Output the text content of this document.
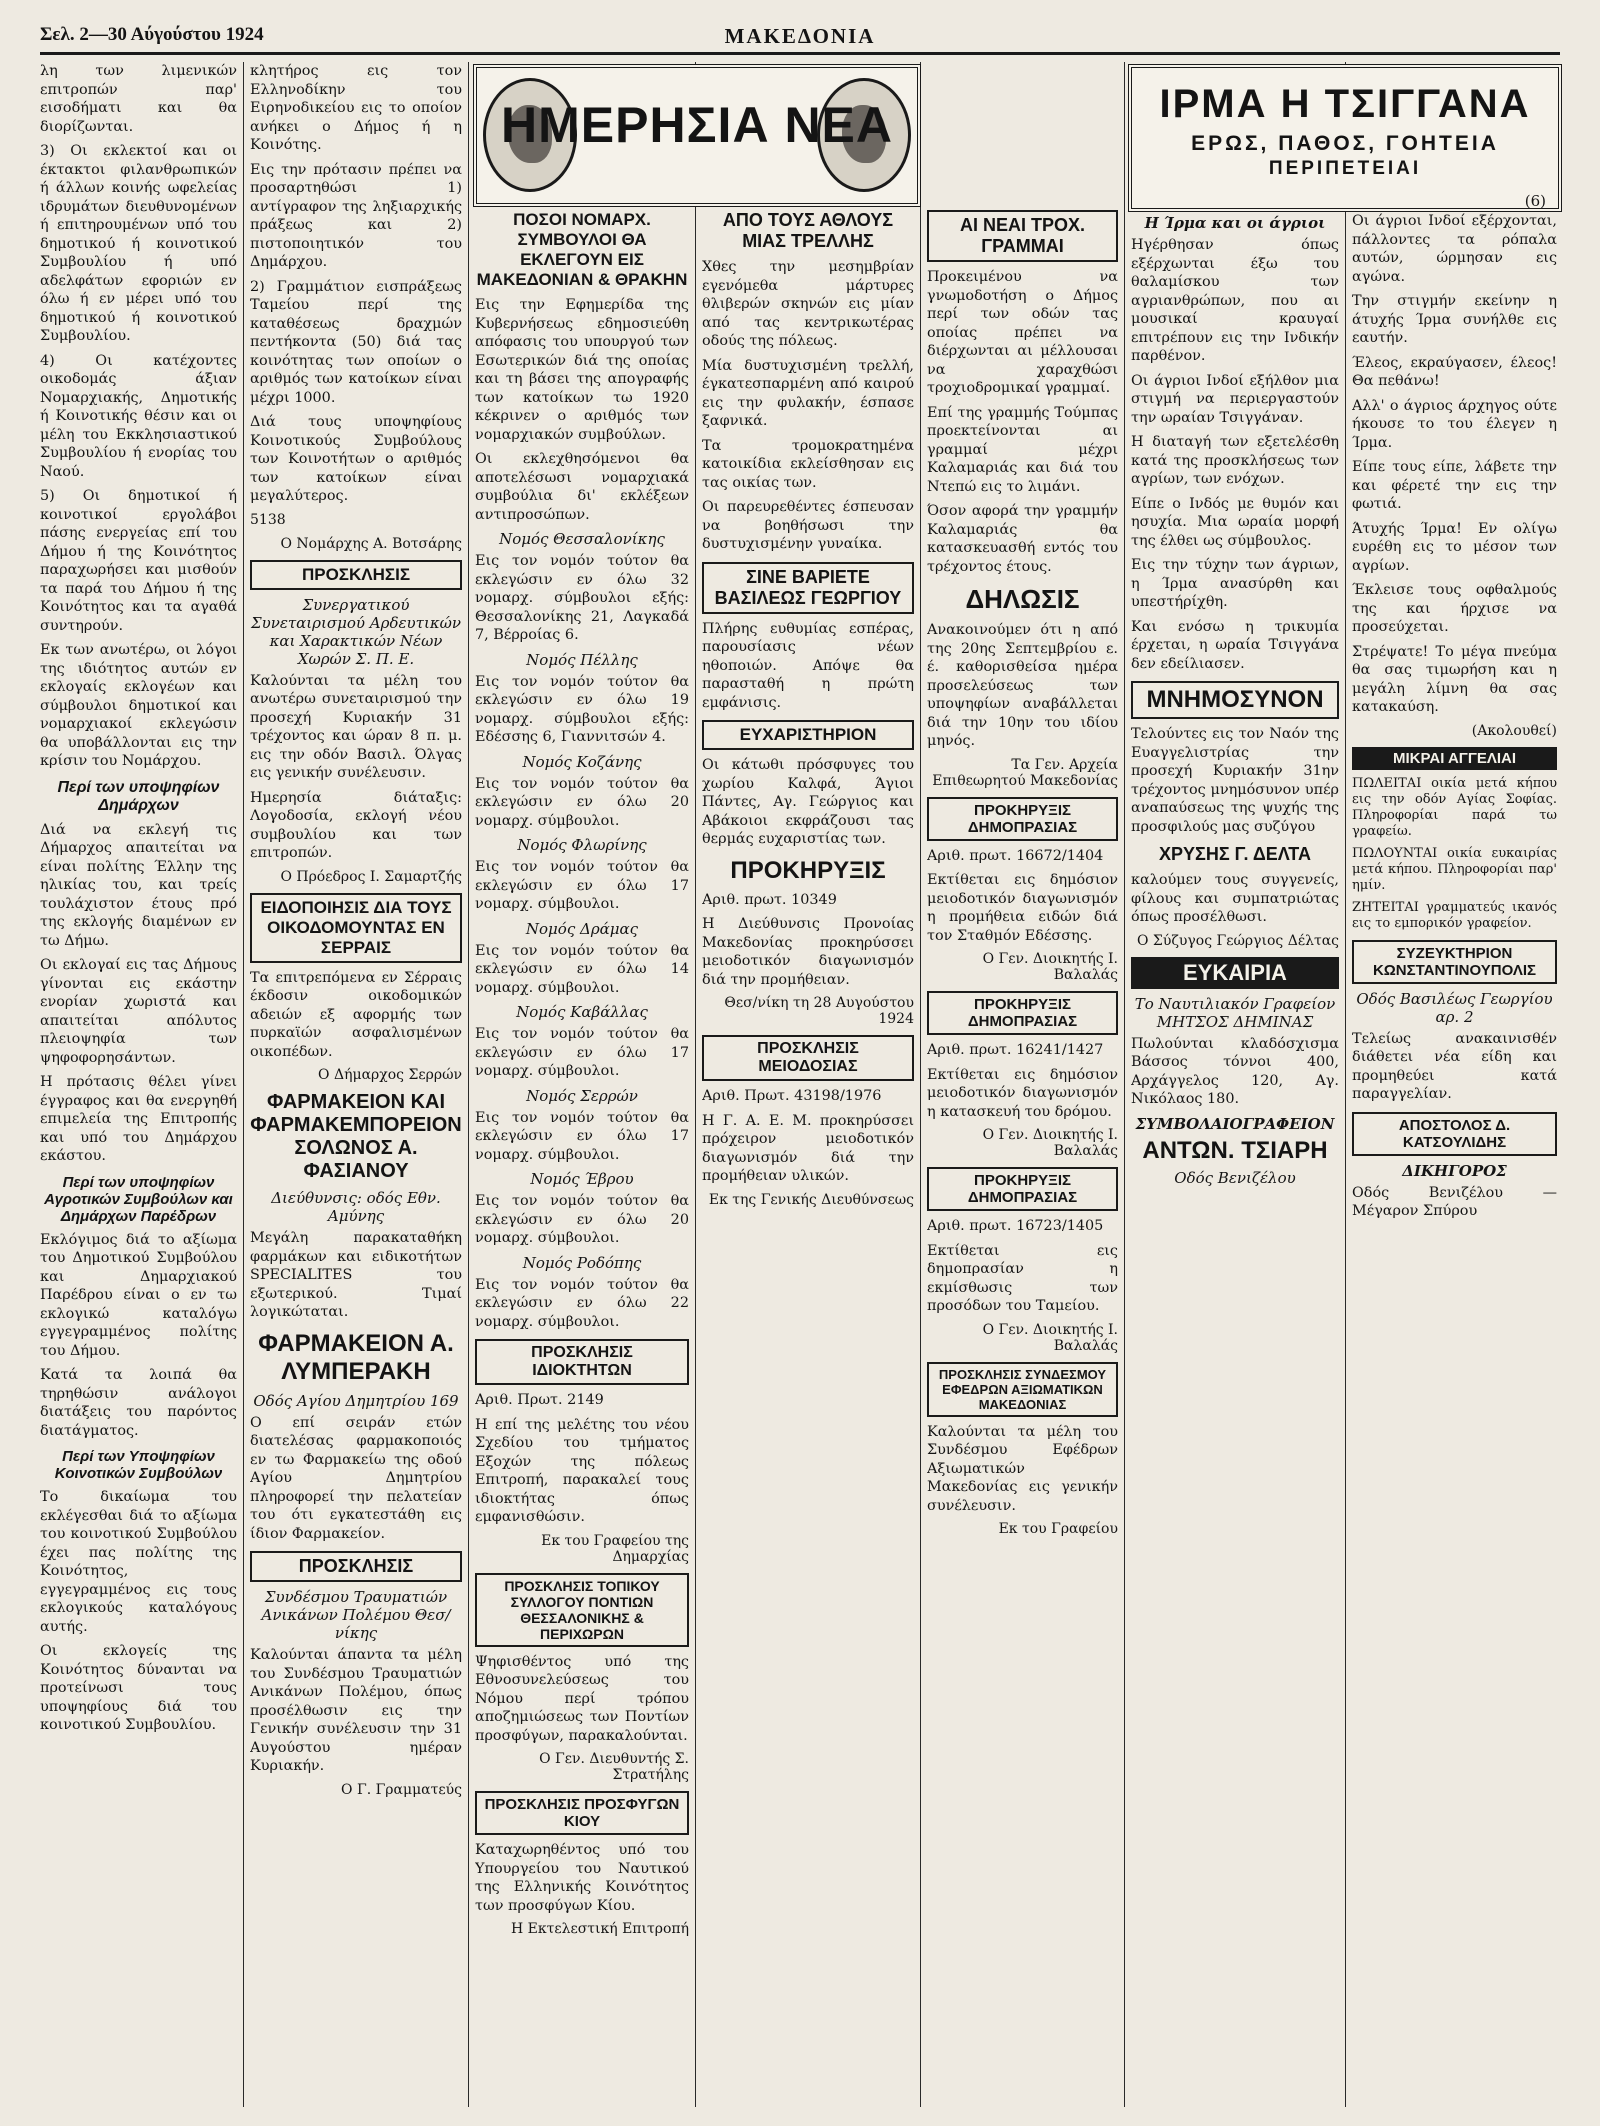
Σελ. 2—30 Αύγούστου 1924	ΜΑΚΕΔΟΝΙΑ

λη των λιμενικών επιτροπών παρ' εισοδήματι και θα διορίζωνται.

3) Οι εκλεκτοί και οι έκτακτοι φιλανθρωπικών ή άλλων κοινής ωφελείας ιδρυμάτων διευθυνομένων ή επιτηρουμένων υπό του δημοτικού ή κοινοτικού Συμβουλίου ή υπό αδελφάτων εφοριών εν όλω ή εν μέρει υπό του δημοτικού ή κοινοτικού Συμβουλίου.

4) Οι κατέχοντες οικοδομάς άξιαν Νομαρχιακής, Δημοτικής ή Κοινοτικής θέσιν και οι μέλη του Εκκλησιαστικού Συμβουλίου ή ενορίας του Ναού.

5) Οι δημοτικοί ή κοινοτικοί εργολάβοι πάσης ενεργείας επί του Δήμου ή της Κοινότητος παραχωρήσει και μισθούν τα παρά του Δήμου ή της Κοινότητος και τα αγαθά συντηρούν.

Εκ των ανωτέρω, οι λόγοι της ιδιότητος αυτών εν εκλογαίς εκλογέων και σύμβουλοι δημοτικοί και νομαρχιακοί εκλεγώσιν θα υποβάλλονται εις την κρίσιν του Νομάρχου.

Περί των υποψηφίων Δημάρχων

Διά να εκλεγή τις Δήμαρχος απαιτείται να είναι πολίτης Έλλην της ηλικίας του, και τρείς τουλάχιστον έτους πρό της εκλογής διαμένων εν τω Δήμω.

Οι εκλογαί εις τας Δήμους γίνονται εις εκάστην ενορίαν χωριστά και απαιτείται απόλυτος πλειοψηφία των ψηφοφορησάντων.

Η πρότασις θέλει γίνει έγγραφος και θα ενεργηθή επιμελεία της Επιτροπής και υπό του Δημάρχου εκάστου.

Περί των υποψηφίων Αγροτικών Συμβούλων και Δημάρχων Παρέδρων

Εκλόγιμος διά το αξίωμα του Δημοτικού Συμβούλου και Δημαρχιακού Παρέδρου είναι ο εν τω εκλογικώ καταλόγω εγγεγραμμένος πολίτης του Δήμου.

Κατά τα λοιπά θα τηρηθώσιν ανάλογοι διατάξεις του παρόντος διατάγματος.

Περί των Υποψηφίων Κοινοτικών Συμβούλων

Το δικαίωμα του εκλέγεσθαι διά το αξίωμα του κοινοτικού Συμβούλου έχει πας πολίτης της Κοινότητος, εγγεγραμμένος εις τους εκλογικούς καταλόγους αυτής.

Οι εκλογείς της Κοινότητος δύνανται να προτείνωσι τους υποψηφίους διά του κοινοτικού Συμβουλίου.

κλητήρος εις τον Ελληνοδίκην του Ειρηνοδικείου εις το οποίον ανήκει ο Δήμος ή η Κοινότης.

Εις την πρότασιν πρέπει να προσαρτηθώσι 1) αντίγραφον της ληξιαρχικής πράξεως και 2) πιστοποιητικόν του Δημάρχου.

2) Γραμμάτιον εισπράξεως Ταμείου περί της καταθέσεως δραχμών πεντήκοντα (50) διά τας κοινότητας των οποίων ο αριθμός των κατοίκων είναι μέχρι 1000.

Διά τους υποψηφίους Κοινοτικούς Συμβούλους των Κοινοτήτων ο αριθμός των κατοίκων είναι μεγαλύτερος.

5138
Ο Νομάρχης Α. Βοτσάρης
ΠΡΟΣΚΛΗΣΙΣ
Συνεργατικού Συνεταιρισμού Αρδευτικών και Χαρακτικών Νέων Χωρών Σ. Π. Ε.

Καλούνται τα μέλη του ανωτέρω συνεταιρισμού την προσεχή Κυριακήν 31 τρέχοντος και ώραν 8 π. μ. εις την οδόν Βασιλ. Όλγας εις γενικήν συνέλευσιν.

Ημερησία διάταξις: Λογοδοσία, εκλογή νέου συμβουλίου και των επιτροπών.

Ο Πρόεδρος Ι. Σαμαρτζής
ΕΙΔΟΠΟΙΗΣΙΣ ΔΙΑ ΤΟΥΣ ΟΙΚΟΔΟΜΟΥΝΤΑΣ ΕΝ ΣΕΡΡΑΙΣ

Τα επιτρεπόμενα εν Σέρραις έκδοσιν οικοδομικών αδειών εξ αφορμής των πυρκαϊών ασφαλισμένων οικοπέδων.

Ο Δήμαρχος Σερρών
ΦΑΡΜΑΚΕΙΟΝ ΚΑΙ ΦΑΡΜΑΚΕΜΠΟΡΕΙΟΝ ΣΟΛΩΝΟΣ Α. ΦΑΣΙΑΝΟΥ
Διεύθυνσις: οδός Εθν. Αμύνης

Μεγάλη παρακαταθήκη φαρμάκων και ειδικοτήτων SPECIALITES του εξωτερικού. Τιμαί λογικώταται.

ΦΑΡΜΑΚΕΙΟΝ Α. ΛΥΜΠΕΡΑΚΗ
Οδός Αγίου Δημητρίου 169

Ο επί σειράν ετών διατελέσας φαρμακοποιός εν τω Φαρμακείω της οδού Αγίου Δημητρίου πληροφορεί την πελατείαν του ότι εγκατεστάθη εις ίδιον Φαρμακείον.

ΠΡΟΣΚΛΗΣΙΣ
Συνδέσμου Τραυματιών Ανικάνων Πολέμου Θεσ/νίκης

Καλούνται άπαντα τα μέλη του Συνδέσμου Τραυματιών Ανικάνων Πολέμου, όπως προσέλθωσιν εις την Γενικήν συνέλευσιν την 31 Αυγούστου ημέραν Κυριακήν.

Ο Γ. Γραμματεύς
ΗΜΕΡΗΣΙΑ ΝΕΑ
ΠΟΣΟΙ ΝΟΜΑΡΧ. ΣΥΜΒΟΥΛΟΙ ΘΑ ΕΚΛΕΓΟΥΝ ΕΙΣ ΜΑΚΕΔΟΝΙΑΝ & ΘΡΑΚΗΝ

Εις την Εφημερίδα της Κυβερνήσεως εδημοσιεύθη απόφασις του υπουργού των Εσωτερικών διά της οποίας και τη βάσει της απογραφής των κατοίκων τω 1920 κέκρινεν ο αριθμός των νομαρχιακών συμβούλων.

Οι εκλεχθησόμενοι θα αποτελέσωσι νομαρχιακά συμβούλια δι' εκλέξεων αντιπροσώπων.

Νομός Θεσσαλονίκης

Εις τον νομόν τούτον θα εκλεγώσιν εν όλω 32 νομαρχ. σύμβουλοι εξής: Θεσσαλονίκης 21, Λαγκαδά 7, Βέρροίας 6.

Νομός Πέλλης

Εις τον νομόν τούτον θα εκλεγώσιν εν όλω 19 νομαρχ. σύμβουλοι εξής: Εδέσσης 6, Γιαννιτσών 4.

Νομός Κοζάνης

Εις τον νομόν τούτον θα εκλεγώσιν εν όλω 20 νομαρχ. σύμβουλοι.

Νομός Φλωρίνης

Εις τον νομόν τούτον θα εκλεγώσιν εν όλω 17 νομαρχ. σύμβουλοι.

Νομός Δράμας

Εις τον νομόν τούτον θα εκλεγώσιν εν όλω 14 νομαρχ. σύμβουλοι.

Νομός Καβάλλας

Εις τον νομόν τούτον θα εκλεγώσιν εν όλω 17 νομαρχ. σύμβουλοι.

Νομός Σερρών

Εις τον νομόν τούτον θα εκλεγώσιν εν όλω 17 νομαρχ. σύμβουλοι.

Νομός Έβρου

Εις τον νομόν τούτον θα εκλεγώσιν εν όλω 20 νομαρχ. σύμβουλοι.

Νομός Ροδόπης

Εις τον νομόν τούτον θα εκλεγώσιν εν όλω 22 νομαρχ. σύμβουλοι.

ΠΡΟΣΚΛΗΣΙΣ ΙΔΙΟΚΤΗΤΩΝ

Αριθ. Πρωτ. 2149

Η επί της μελέτης του νέου Σχεδίου του τμήματος Εξοχών της πόλεως Επιτροπή, παρακαλεί τους ιδιοκτήτας όπως εμφανισθώσιν.

Εκ του Γραφείου της Δημαρχίας
ΠΡΟΣΚΛΗΣΙΣ ΤΟΠΙΚΟΥ ΣΥΛΛΟΓΟΥ ΠΟΝΤΙΩΝ ΘΕΣΣΑΛΟΝΙΚΗΣ & ΠΕΡΙΧΩΡΩΝ

Ψηφισθέντος υπό της Εθνοσυνελεύσεως του Νόμου περί τρόπου αποζημιώσεως των Ποντίων προσφύγων, παρακαλούνται.

Ο Γεν. Διευθυντής Σ. Στρατήλης
ΠΡΟΣΚΛΗΣΙΣ ΠΡΟΣΦΥΓΩΝ ΚΙΟΥ

Καταχωρηθέντος υπό του Υπουργείου του Ναυτικού της Ελληνικής Κοινότητος των προσφύγων Κίου.

Η Εκτελεστική Επιτροπή
ΑΠΟ ΤΟΥΣ ΑΘΛΟΥΣ ΜΙΑΣ ΤΡΕΛΛΗΣ

Χθες την μεσημβρίαν εγενόμεθα μάρτυρες θλιβερών σκηνών εις μίαν από τας κεντρικωτέρας οδούς της πόλεως.

Μία δυστυχισμένη τρελλή, έγκατεσπαρμένη από καιρού εις την φυλακήν, έσπασε ξαφνικά.

Τα τρομοκρατημένα κατοικίδια εκλείσθησαν εις τας οικίας των.

Οι παρευρεθέντες έσπευσαν να βοηθήσωσι την δυστυχισμένην γυναίκα.

ΣΙΝΕ ΒΑΡΙΕΤΕ ΒΑΣΙΛΕΩΣ ΓΕΩΡΓΙΟΥ

Πλήρης ευθυμίας εσπέρας, παρουσίασις νέων ηθοποιών. Απόψε θα παρασταθή η πρώτη εμφάνισις.

ΕΥΧΑΡΙΣΤΗΡΙΟΝ

Οι κάτωθι πρόσφυγες του χωρίου Καλφά, Άγιοι Πάντες, Αγ. Γεώργιος και Αβάκοιοι εκφράζουσι τας θερμάς ευχαριστίας των.

ΠΡΟΚΗΡΥΞΙΣ

Αριθ. πρωτ. 10349

Η Διεύθυνσις Προνοίας Μακεδονίας προκηρύσσει μειοδοτικόν διαγωνισμόν διά την προμήθειαν.

Θεσ/νίκη τη 28 Αυγούστου 1924
ΠΡΟΣΚΛΗΣΙΣ ΜΕΙΟΔΟΣΙΑΣ

Αριθ. Πρωτ. 43198/1976

Η Γ. Α. Ε. Μ. προκηρύσσει πρόχειρον μειοδοτικόν διαγωνισμόν διά την προμήθειαν υλικών.

Εκ της Γενικής Διευθύνσεως
ΑΙ ΝΕΑΙ ΤΡΟΧ. ΓΡΑΜΜΑΙ

Προκειμένου να γνωμοδοτήση ο Δήμος περί των οδών τας οποίας πρέπει να διέρχωνται αι μέλλουσαι να χαραχθώσι τροχιοδρομικαί γραμμαί.

Επί της γραμμής Τούμπας προεκτείνονται αι γραμμαί μέχρι Καλαμαριάς και διά του Ντεπώ εις το λιμάνι.

Όσον αφορά την γραμμήν Καλαμαριάς θα κατασκευασθή εντός του τρέχοντος έτους.

ΔΗΛΩΣΙΣ

Ανακοινούμεν ότι η από της 20ης Σεπτεμβρίου ε. έ. καθορισθείσα ημέρα προσελεύσεως των υποψηφίων αναβάλλεται διά την 10ην του ιδίου μηνός.

Τα Γεν. Αρχεία Επιθεωρητού Μακεδονίας
ΠΡΟΚΗΡΥΞΙΣ ΔΗΜΟΠΡΑΣΙΑΣ

Αριθ. πρωτ. 16672/1404

Εκτίθεται εις δημόσιον μειοδοτικόν διαγωνισμόν η προμήθεια ειδών διά τον Σταθμόν Εδέσσης.

Ο Γεν. Διοικητής Ι. Βαλαλάς
ΠΡΟΚΗΡΥΞΙΣ ΔΗΜΟΠΡΑΣΙΑΣ

Αριθ. πρωτ. 16241/1427

Εκτίθεται εις δημόσιον μειοδοτικόν διαγωνισμόν η κατασκευή του δρόμου.

Ο Γεν. Διοικητής Ι. Βαλαλάς
ΠΡΟΚΗΡΥΞΙΣ ΔΗΜΟΠΡΑΣΙΑΣ

Αριθ. πρωτ. 16723/1405

Εκτίθεται εις δημοπρασίαν η εκμίσθωσις των προσόδων του Ταμείου.

Ο Γεν. Διοικητής Ι. Βαλαλάς
ΠΡΟΣΚΛΗΣΙΣ ΣΥΝΔΕΣΜΟΥ ΕΦΕΔΡΩΝ ΑΞΙΩΜΑΤΙΚΩΝ ΜΑΚΕΔΟΝΙΑΣ

Καλούνται τα μέλη του Συνδέσμου Εφέδρων Αξιωματικών Μακεδονίας εις γενικήν συνέλευσιν.

Εκ του Γραφείου
ΙΡΜΑ Η ΤΣΙΓΓΑΝΑ
ΕΡΩΣ, ΠΑΘΟΣ, ΓΟΗΤΕΙΑ
ΠΕΡΙΠΕΤΕΙΑΙ
(6)
Η Ίρμα και οι άγριοι

Ηγέρθησαν όπως εξέρχωνται έξω του θαλαμίσκου των αγριανθρώπων, που αι μουσικαί κραυγαί επιτρέπουν εις την Ινδικήν παρθένον.

Οι άγριοι Ινδοί εξήλθον μια στιγμή να περιεργαστούν την ωραίαν Τσιγγάναν.

Η διαταγή των εξετελέσθη κατά της προσκλήσεως των αγρίων, των ενόχων.

Είπε ο Ινδός με θυμόν και ησυχία. Μια ωραία μορφή της έλθει ως σύμβουλος.

Εις την τύχην των άγριων, η Ίρμα ανασύρθη και υπεστήρίχθη.

Και ενόσω η τρικυμία έρχεται, η ωραία Τσιγγάνα δεν εδείλιασεν.

ΜΝΗΜΟΣΥΝΟΝ

Τελούντες εις τον Ναόν της Ευαγγελιστρίας την προσεχή Κυριακήν 31ην τρέχοντος μνημόσυνον υπέρ αναπαύσεως της ψυχής της προσφιλούς μας συζύγου

ΧΡΥΣΗΣ Γ. ΔΕΛΤΑ

καλούμεν τους συγγενείς, φίλους και συμπατριώτας όπως προσέλθωσι.

Ο Σύζυγος Γεώργιος Δέλτας
ΕΥΚΑΙΡΙΑ
Το Ναυτιλιακόν Γραφείον ΜΗΤΣΟΣ ΔΗΜΙΝΑΣ

Πωλούνται κλαδόσχισμα Βάσσος τόννοι 400, Αρχάγγελος 120, Αγ. Νικόλαος 180.

ΣΥΜΒΟΛΑΙΟΓΡΑΦΕΙΟΝ
ΑΝΤΩΝ. ΤΣΙΑΡΗ
Οδός Βενιζέλου

Οι άγριοι Ινδοί εξέρχονται, πάλλοντες τα ρόπαλα αυτών, ώρμησαν εις αγώνα.

Την στιγμήν εκείνην η άτυχής Ίρμα συνήλθε εις εαυτήν.

Έλεος, εκραύγασεν, έλεος! Θα πεθάνω!

Αλλ' ο άγριος άρχηγος ούτε ήκουσε το του έλεγεν η Ίρμα.

Είπε τους είπε, λάβετε την και φέρετέ την εις την φωτιά.

Άτυχής Ίρμα! Εν ολίγω ευρέθη εις το μέσον των αγρίων.

Έκλεισε τους οφθαλμούς της και ήρχισε να προσεύχεται.

Στρέψατε! Το μέγα πνεύμα θα σας τιμωρήση και η μεγάλη λίμνη θα σας κατακαύση.

(Ακολουθεί)
ΜΙΚΡΑΙ ΑΓΓΕΛΙΑΙ

ΠΩΛΕΙΤΑΙ οικία μετά κήπου εις την οδόν Αγίας Σοφίας. Πληροφορίαι παρά τω γραφείω.

ΠΩΛΟΥΝΤΑΙ οικία ευκαιρίας μετά κήπου. Πληροφορίαι παρ' ημίν.

ΖΗΤΕΙΤΑΙ γραμματεύς ικανός εις το εμπορικόν γραφείον.

ΣΥΖΕΥΚΤΗΡΙΟΝ ΚΩΝΣΤΑΝΤΙΝΟΥΠΟΛΙΣ
Οδός Βασιλέως Γεωργίου αρ. 2

Τελείως ανακαινισθέν διάθετει νέα είδη και προμηθεύει κατά παραγγελίαν.

ΑΠΟΣΤΟΛΟΣ Δ. ΚΑΤΣΟΥΛΙΔΗΣ
ΔΙΚΗΓΟΡΟΣ

Οδός Βενιζέλου — Μέγαρον Σπύρου
